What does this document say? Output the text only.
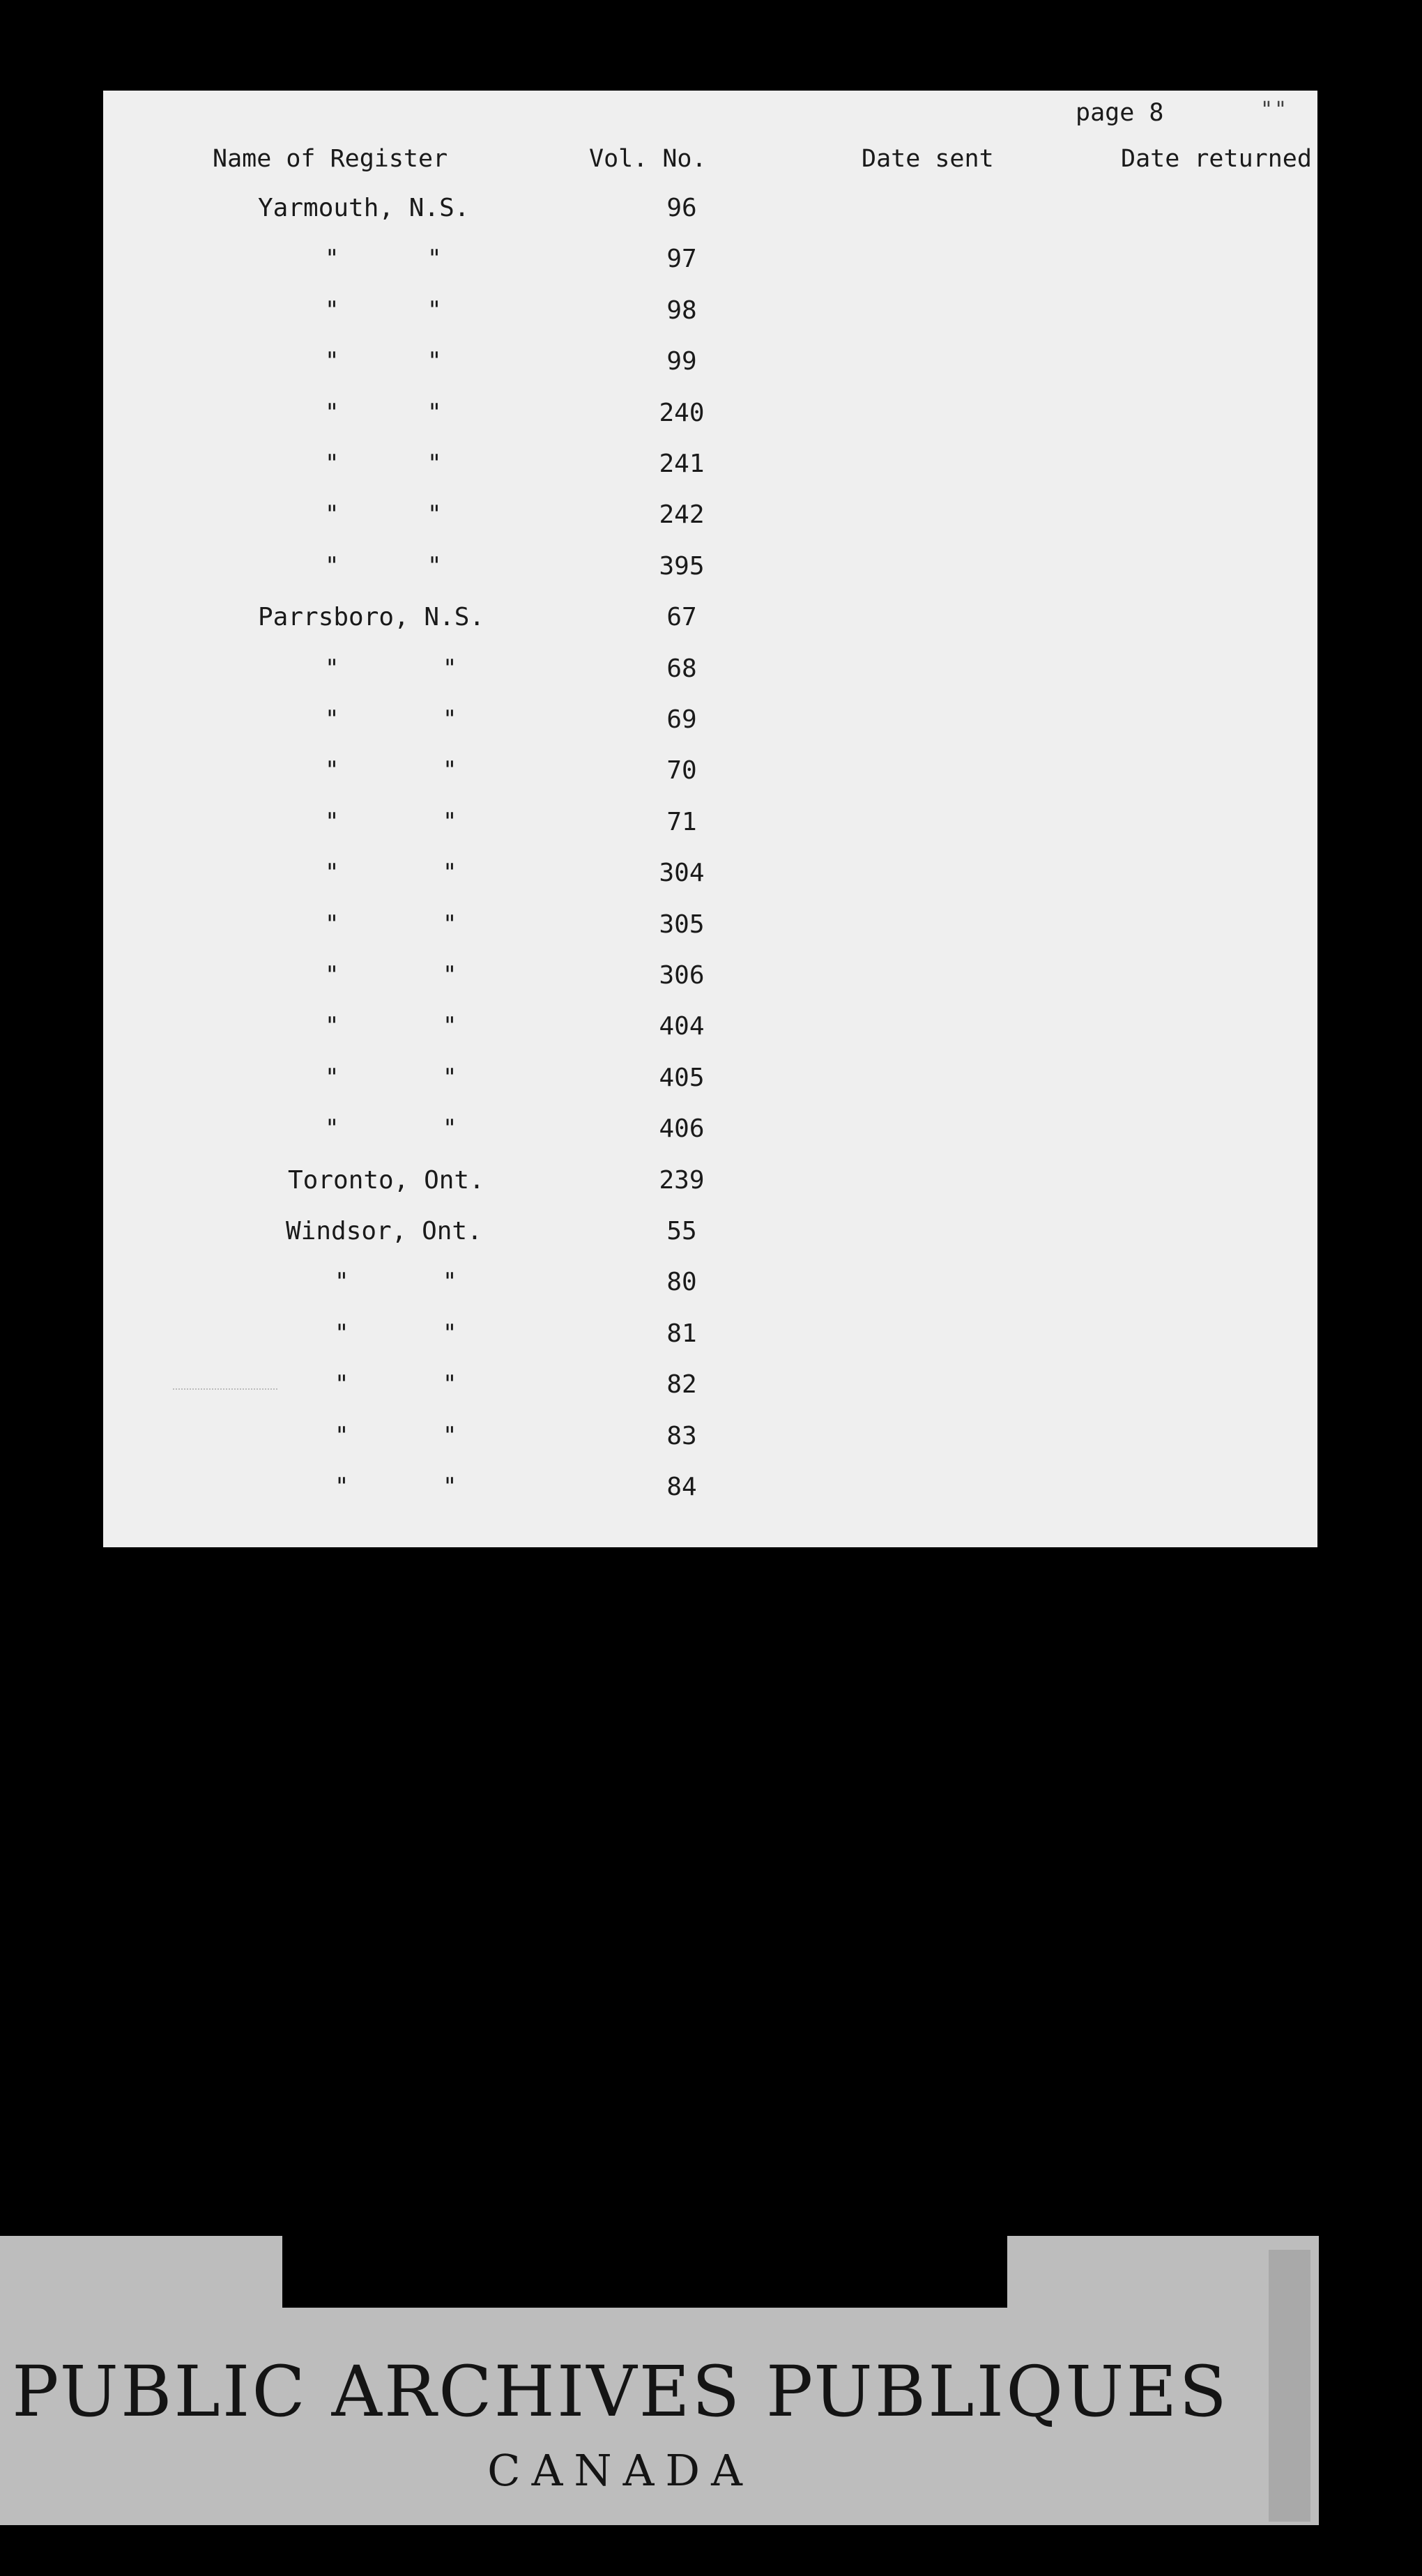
page 8	""
Name of Register	Vol. No.	Date sent	Date returned
Yarmouth, N.S.	96
"	"	97
"	"	98
"	"	99
"	"	240
"	"	241
"	"	242
"	"	395
Parrsboro, N.S.	67
"	"	68
"	"	69
"	"	70
"	"	71
"	"	304
"	"	305
"	"	306
"	"	404
"	"	405
"	"	406
Toronto, Ont.	239
Windsor, Ont.	55
"	"	80
"	"	81
"	"	82
"	"	83
"	"	84
PUBLIC ARCHIVES PUBLIQUES
CANADA
